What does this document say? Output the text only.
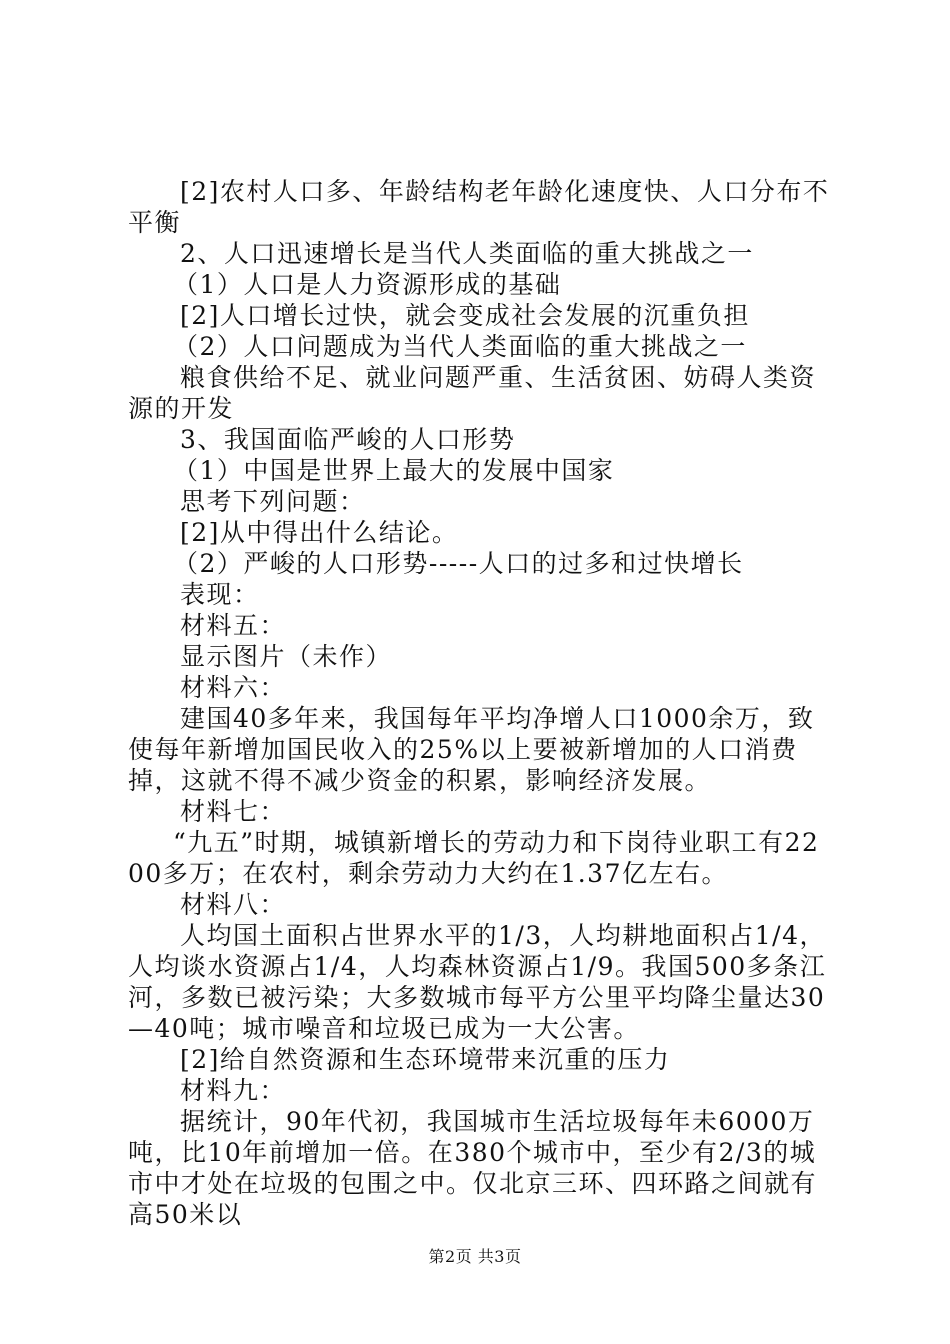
[2]农村人口多、年龄结构老年龄化速度快、人口分布不平衡

2、人口迅速增长是当代人类面临的重大挑战之一

（1）人口是人力资源形成的基础

[2]人口增长过快，就会变成社会发展的沉重负担

（2）人口问题成为当代人类面临的重大挑战之一

粮食供给不足、就业问题严重、生活贫困、妨碍人类资源的开发

3、我国面临严峻的人口形势

（1）中国是世界上最大的发展中国家

思考下列问题：

[2]从中得出什么结论。

（2）严峻的人口形势-----人口的过多和过快增长

表现：

材料五：

显示图片（未作）

材料六：

建国40多年来，我国每年平均净增人口1000余万，致使每年新增加国民收入的25%以上要被新增加的人口消费掉，这就不得不减少资金的积累，影响经济发展。

材料七：

“九五”时期，城镇新增长的劳动力和下岗待业职工有2200多万；在农村，剩余劳动力大约在1.37亿左右。

材料八：

人均国土面积占世界水平的1/3，人均耕地面积占1/4，人均谈水资源占1/4，人均森林资源占1/9。我国500多条江河，多数已被污染；大多数城市每平方公里平均降尘量达30—40吨；城市噪音和垃圾已成为一大公害。

[2]给自然资源和生态环境带来沉重的压力

材料九：

据统计，90年代初，我国城市生活垃圾每年未6000万吨，比10年前增加一倍。在380个城市中，至少有2/3的城市中才处在垃圾的包围之中。仅北京三环、四环路之间就有高50米以

第2页 共3页
